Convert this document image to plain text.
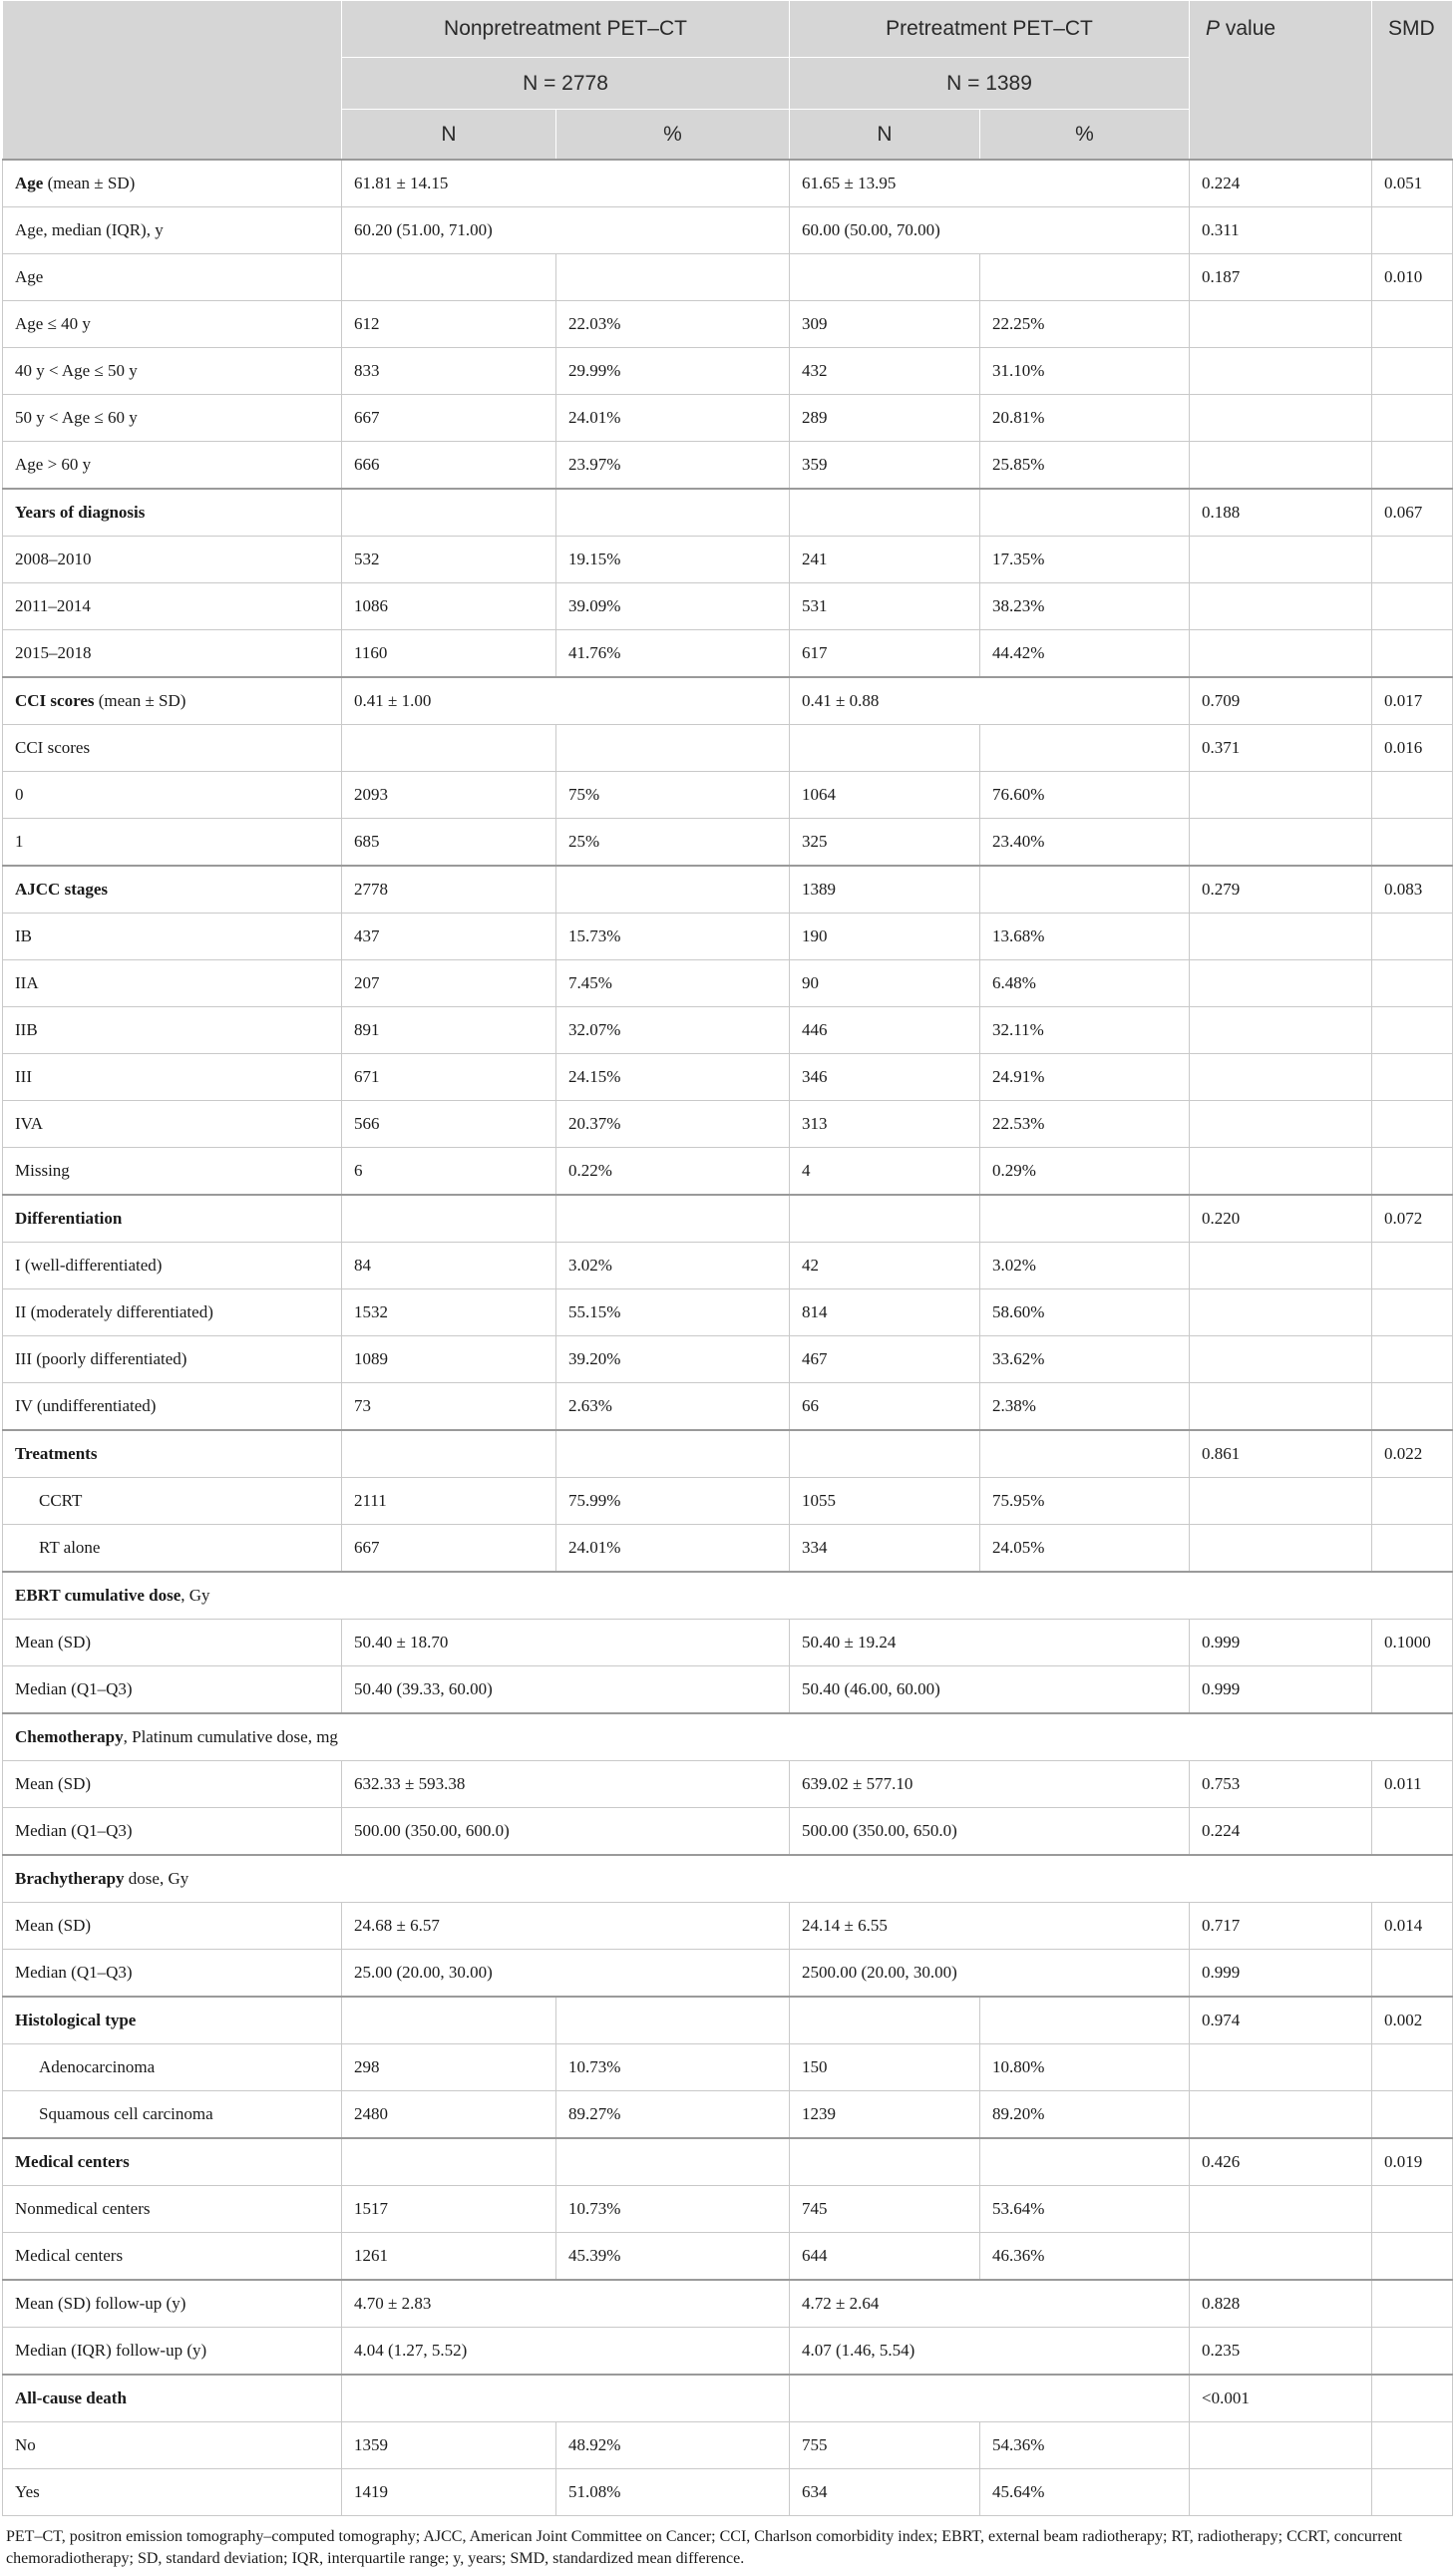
	Nonpretreatment PET–CT		Pretreatment PET–CT		P value	SMD
	N = 2778		N = 1389			
	N	%	N	%		
Age (mean ± SD)	61.81 ± 14.15		61.65 ± 13.95		0.224	0.051
Age, median (IQR), y	60.20 (51.00, 71.00)		60.00 (50.00, 70.00)		0.311	
Age					0.187	0.010
Age ≤ 40 y	612	22.03%	309	22.25%		
40 y < Age ≤ 50 y	833	29.99%	432	31.10%		
50 y < Age ≤ 60 y	667	24.01%	289	20.81%		
Age > 60 y	666	23.97%	359	25.85%		
Years of diagnosis					0.188	0.067
2008–2010	532	19.15%	241	17.35%		
2011–2014	1086	39.09%	531	38.23%		
2015–2018	1160	41.76%	617	44.42%		
CCI scores (mean ± SD)	0.41 ± 1.00		0.41 ± 0.88		0.709	0.017
CCI scores					0.371	0.016
0	2093	75%	1064	76.60%		
1	685	25%	325	23.40%		
AJCC stages	2778		1389		0.279	0.083
IB	437	15.73%	190	13.68%		
IIA	207	7.45%	90	6.48%		
IIB	891	32.07%	446	32.11%		
III	671	24.15%	346	24.91%		
IVA	566	20.37%	313	22.53%		
Missing	6	0.22%	4	0.29%		
Differentiation					0.220	0.072
I (well-differentiated)	84	3.02%	42	3.02%		
II (moderately differentiated)	1532	55.15%	814	58.60%		
III (poorly differentiated)	1089	39.20%	467	33.62%		
IV (undifferentiated)	73	2.63%	66	2.38%		
Treatments					0.861	0.022
CCRT	2111	75.99%	1055	75.95%		
RT alone	667	24.01%	334	24.05%		
EBRT cumulative dose, Gy						
Mean (SD)	50.40 ± 18.70		50.40 ± 19.24		0.999	0.1000
Median (Q1–Q3)	50.40 (39.33, 60.00)		50.40 (46.00, 60.00)		0.999	
Chemotherapy, Platinum cumulative dose, mg						
Mean (SD)	632.33 ± 593.38		639.02 ± 577.10		0.753	0.011
Median (Q1–Q3)	500.00 (350.00, 600.0)		500.00 (350.00, 650.0)		0.224	
Brachytherapy dose, Gy						
Mean (SD)	24.68 ± 6.57		24.14 ± 6.55		0.717	0.014
Median (Q1–Q3)	25.00 (20.00, 30.00)		2500.00 (20.00, 30.00)		0.999	
Histological type					0.974	0.002
Adenocarcinoma	298	10.73%	150	10.80%		
Squamous cell carcinoma	2480	89.27%	1239	89.20%		
Medical centers					0.426	0.019
Nonmedical centers	1517	10.73%	745	53.64%		
Medical centers	1261	45.39%	644	46.36%		
Mean (SD) follow-up (y)	4.70 ± 2.83		4.72 ± 2.64		0.828	
Median (IQR) follow-up (y)	4.04 (1.27, 5.52)		4.07 (1.46, 5.54)		0.235	
All-cause death					<0.001	
No	1359	48.92%	755	54.36%		
Yes	1419	51.08%	634	45.64%		
PET–CT, positron emission tomography–computed tomography; AJCC, American Joint Committee on Cancer; CCI, Charlson comorbidity index; EBRT, external beam radiotherapy; RT, radiotherapy; CCRT, concurrent chemoradiotherapy; SD, standard deviation; IQR, interquartile range; y, years; SMD, standardized mean difference.
